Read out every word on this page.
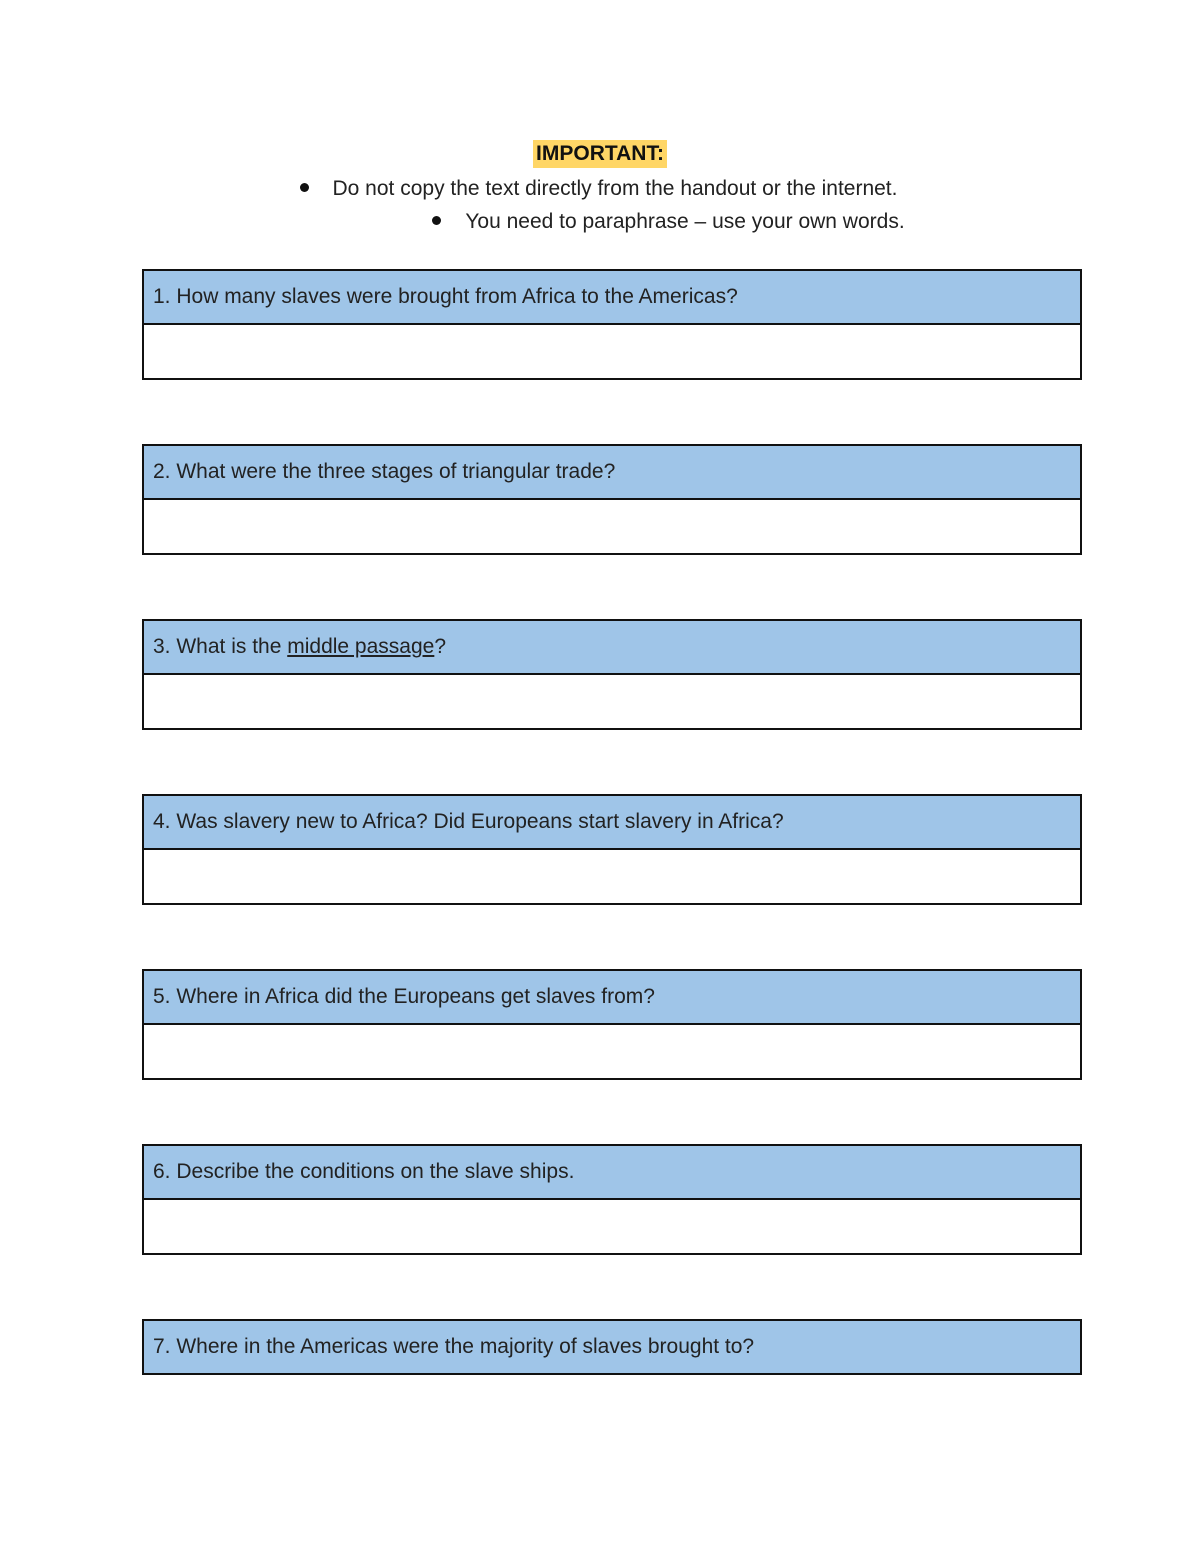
IMPORTANT:
Do not copy the text directly from the handout or the internet.
You need to paraphrase – use your own words.
1. How many slaves were brought from Africa to the Americas?
2. What were the three stages of triangular trade?
3. What is the middle passage?
4. Was slavery new to Africa? Did Europeans start slavery in Africa?
5. Where in Africa did the Europeans get slaves from?
6. Describe the conditions on the slave ships.
7. Where in the Americas were the majority of slaves brought to?
